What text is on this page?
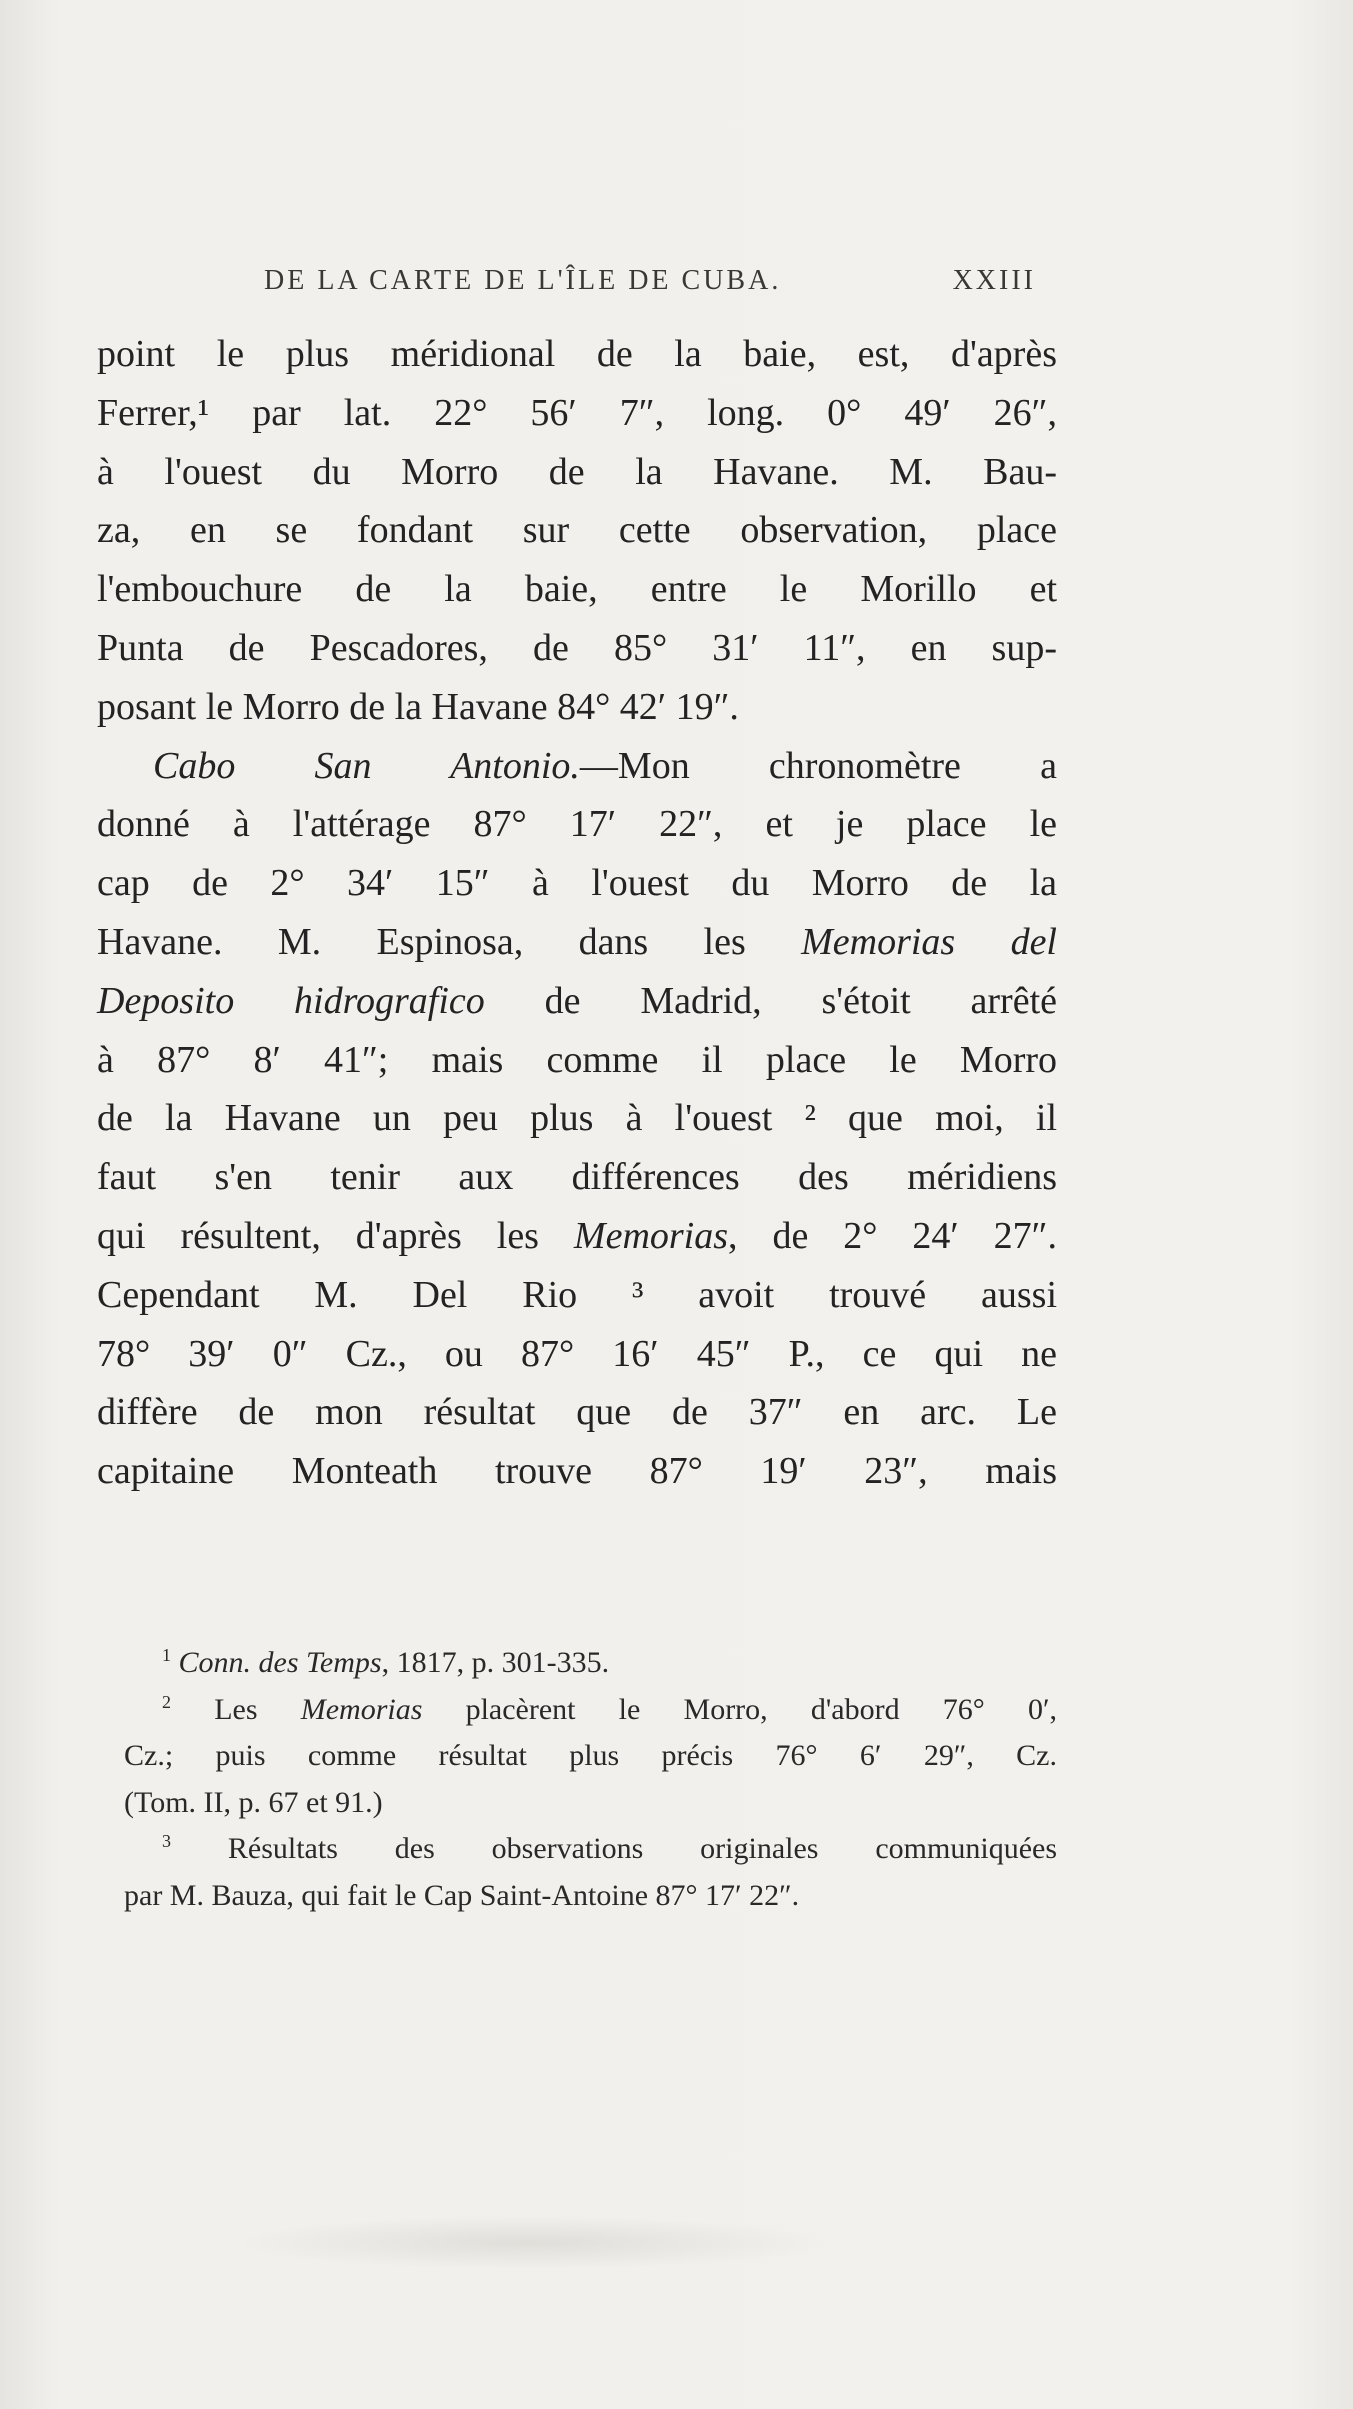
DE LA CARTE DE L'ÎLE DE CUBA.	XXIII
point le plus méridional de la baie, est, d'après
Ferrer,¹ par lat. 22° 56′ 7″, long. 0° 49′ 26″,
à l'ouest du Morro de la Havane. M. Bau-
za, en se fondant sur cette observation, place
l'embouchure de la baie, entre le Morillo et
Punta de Pescadores, de 85° 31′ 11″, en sup-
posant le Morro de la Havane 84° 42′ 19″.
Cabo San Antonio.—Mon chronomètre a
donné à l'attérage 87° 17′ 22″, et je place le
cap de 2° 34′ 15″ à l'ouest du Morro de la
Havane. M. Espinosa, dans les Memorias del
Deposito hidrografico de Madrid, s'étoit arrêté
à 87° 8′ 41″; mais comme il place le Morro
de la Havane un peu plus à l'ouest ² que moi, il
faut s'en tenir aux différences des méridiens
qui résultent, d'après les Memorias, de 2° 24′ 27″.
Cependant M. Del Rio ³ avoit trouvé aussi
78° 39′ 0″ Cz., ou 87° 16′ 45″ P., ce qui ne
diffère de mon résultat que de 37″ en arc. Le
capitaine Monteath trouve 87° 19′ 23″, mais
$^1$ Conn. des Temps, 1817, p. 301-335.
$^2$ Les Memorias placèrent le Morro, d'abord 76° 0′,
Cz.; puis comme résultat plus précis 76° 6′ 29″, Cz.
(Tom. II, p. 67 et 91.)
$^3$ Résultats des observations originales communiquées
par M. Bauza, qui fait le Cap Saint-Antoine 87° 17′ 22″.
